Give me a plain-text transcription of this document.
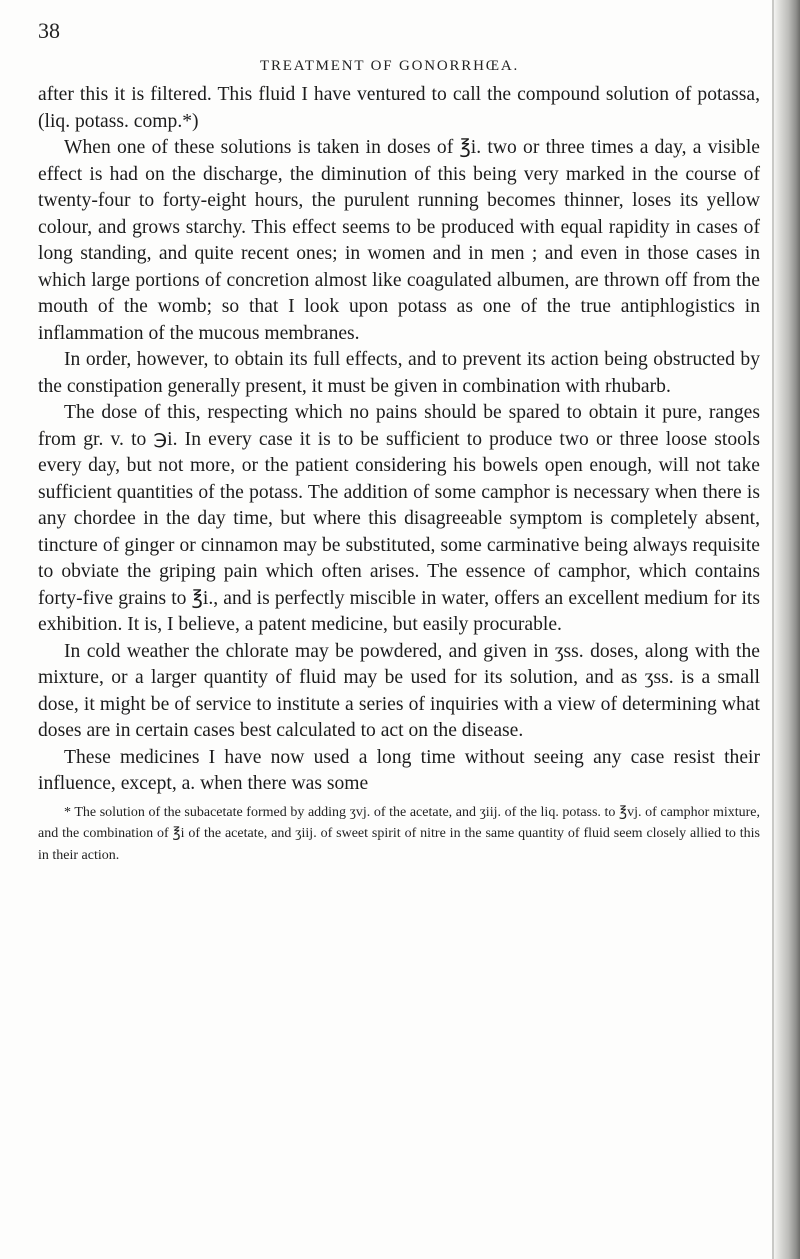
38
TREATMENT OF GONORRHŒA.

after this it is filtered. This fluid I have ventured to call the compound solution of potassa, (liq. potass. comp.*)

When one of these solutions is taken in doses of ℥i. two or three times a day, a visible effect is had on the discharge, the diminution of this being very marked in the course of twenty-four to forty-eight hours, the purulent running becomes thinner, loses its yellow colour, and grows starchy. This effect seems to be produced with equal rapidity in cases of long standing, and quite recent ones; in women and in men ; and even in those cases in which large portions of concretion almost like coagulated albumen, are thrown off from the mouth of the womb; so that I look upon potass as one of the true antiphlogistics in inflammation of the mucous membranes.

In order, however, to obtain its full effects, and to prevent its action being obstructed by the constipation generally present, it must be given in combination with rhubarb.

The dose of this, respecting which no pains should be spared to obtain it pure, ranges from gr. v. to ℈i. In every case it is to be sufficient to produce two or three loose stools every day, but not more, or the patient considering his bowels open enough, will not take sufficient quantities of the potass. The addition of some camphor is necessary when there is any chordee in the day time, but where this disagreeable symptom is completely absent, tincture of ginger or cinnamon may be substituted, some carminative being always requisite to obviate the griping pain which often arises. The essence of camphor, which contains forty-five grains to ℥i., and is perfectly miscible in water, offers an excellent medium for its exhibition. It is, I believe, a patent medicine, but easily procurable.

In cold weather the chlorate may be powdered, and given in ʒss. doses, along with the mixture, or a larger quantity of fluid may be used for its solution, and as ʒss. is a small dose, it might be of service to institute a series of inquiries with a view of determining what doses are in certain cases best calculated to act on the disease.

These medicines I have now used a long time without seeing any case resist their influence, except, a. when there was some

* The solution of the subacetate formed by adding ʒvj. of the acetate, and ʒiij. of the liq. potass. to ℥vj. of camphor mixture, and the combination of ℥i of the acetate, and ʒiij. of sweet spirit of nitre in the same quantity of fluid seem closely allied to this in their action.
